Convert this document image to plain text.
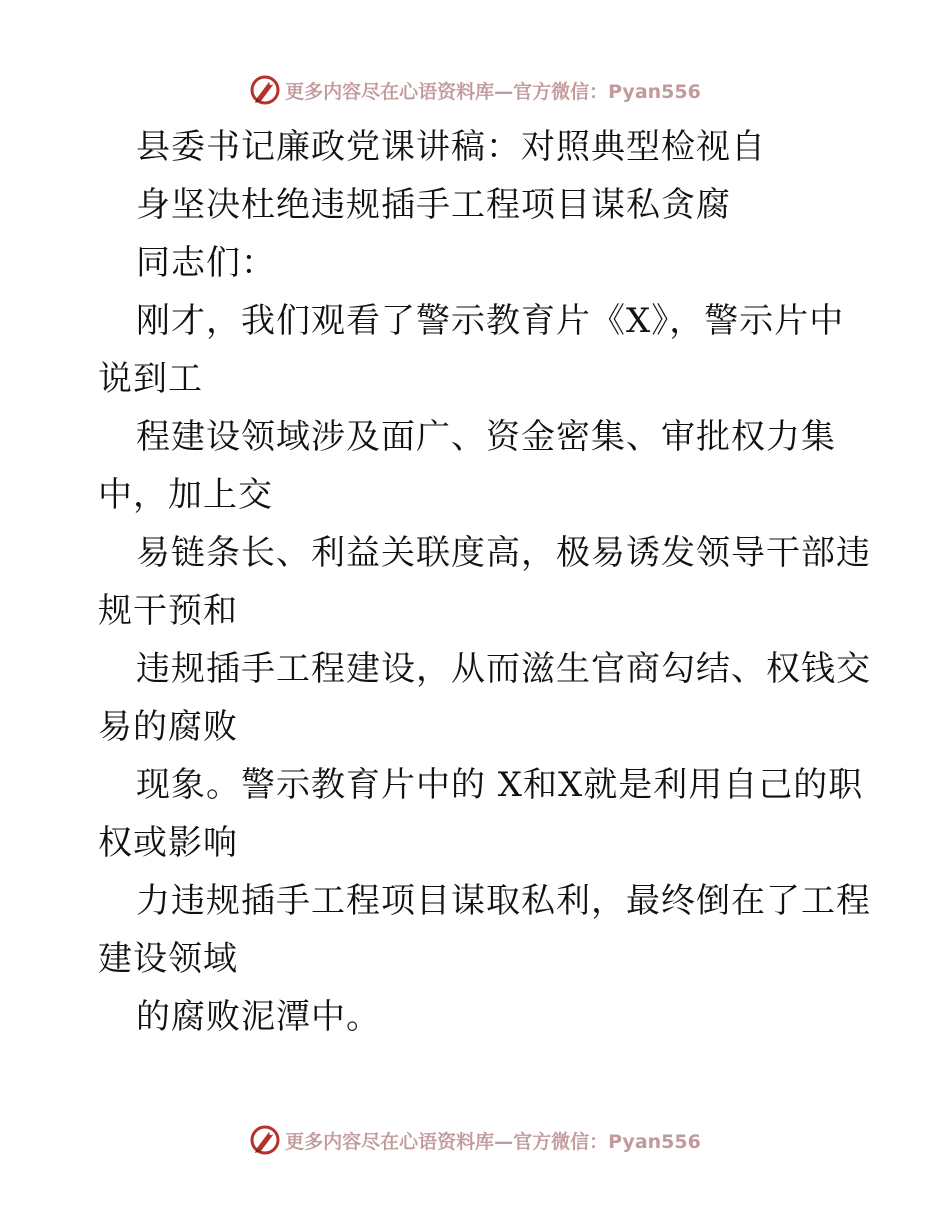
更多内容尽在心语资料库—官方微信：Pyan556
县委书记廉政党课讲稿：对照典型检视自
身坚决杜绝违规插手工程项目谋私贪腐
同志们：
刚才，我们观看了警示教育片《X》，警示片中
说到工
程建设领域涉及面广、资金密集、审批权力集
中，加上交
易链条长、利益关联度高，极易诱发领导干部违
规干预和
违规插手工程建设，从而滋生官商勾结、权钱交
易的腐败
现象。警示教育片中的 X和X就是利用自己的职
权或影响
力违规插手工程项目谋取私利，最终倒在了工程
建设领域
的腐败泥潭中。
更多内容尽在心语资料库—官方微信：Pyan556
